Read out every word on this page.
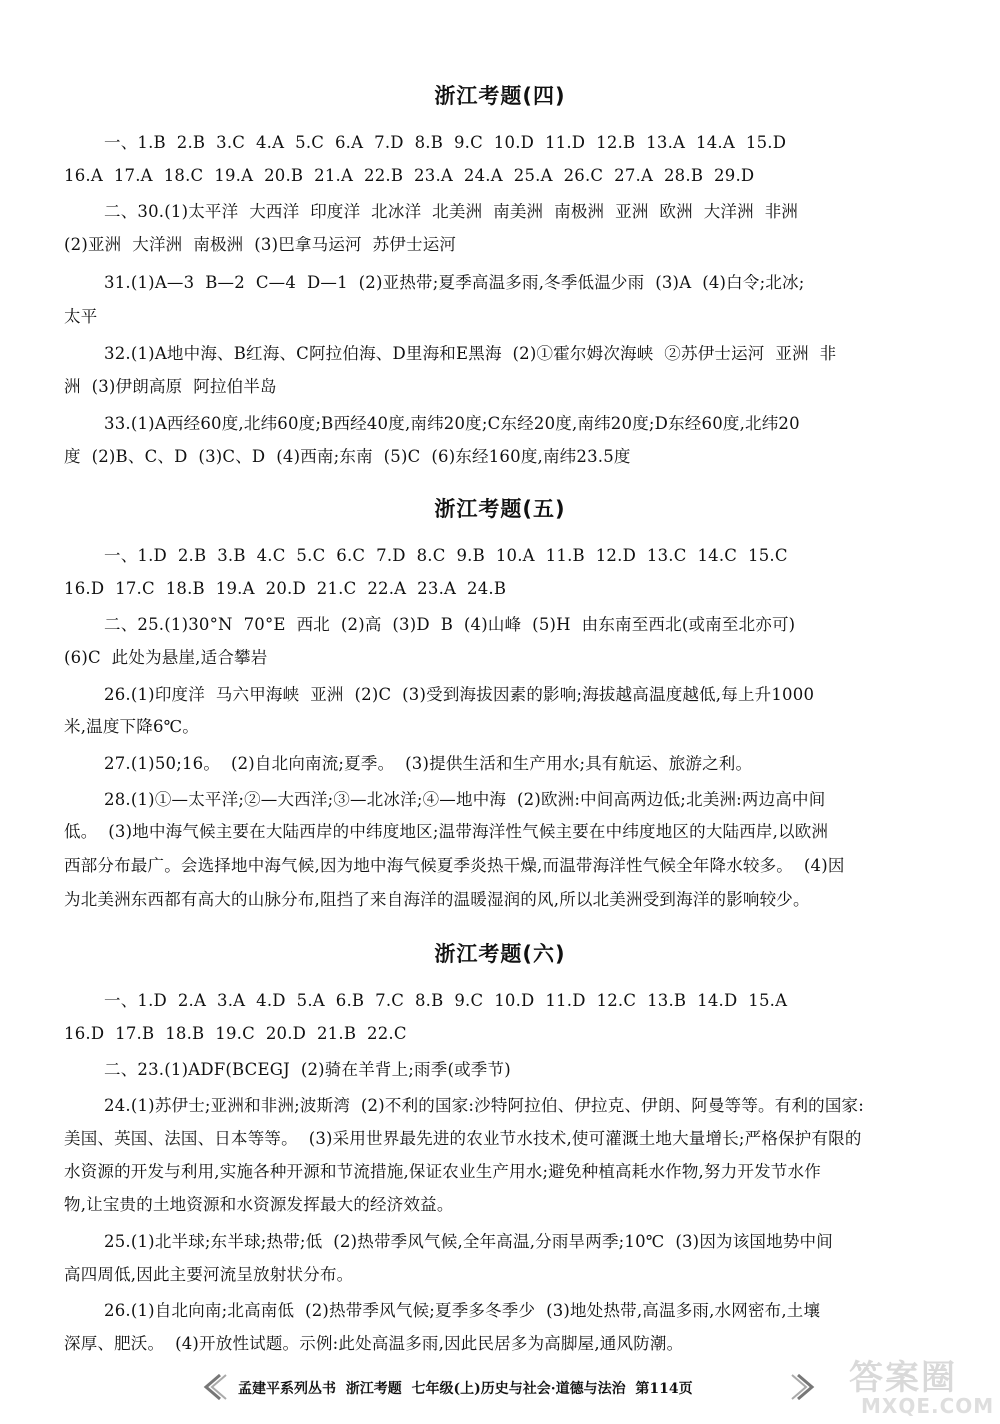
浙江考题(四)
一、1.B  2.B  3.C  4.A  5.C  6.A  7.D  8.B  9.C  10.D  11.D  12.B  13.A  14.A  15.D
16.A  17.A  18.C  19.A  20.B  21.A  22.B  23.A  24.A  25.A  26.C  27.A  28.B  29.D
二、30.(1)太平洋  大西洋  印度洋  北冰洋  北美洲  南美洲  南极洲  亚洲  欧洲  大洋洲  非洲
(2)亚洲  大洋洲  南极洲  (3)巴拿马运河  苏伊士运河
31.(1)A—3  B—2  C—4  D—1  (2)亚热带;夏季高温多雨,冬季低温少雨  (3)A  (4)白令;北冰;
太平
32.(1)A地中海、B红海、C阿拉伯海、D里海和E黑海  (2)①霍尔姆次海峡  ②苏伊士运河  亚洲  非
洲  (3)伊朗高原  阿拉伯半岛
33.(1)A西经60度,北纬60度;B西经40度,南纬20度;C东经20度,南纬20度;D东经60度,北纬20
度  (2)B、C、D  (3)C、D  (4)西南;东南  (5)C  (6)东经160度,南纬23.5度
浙江考题(五)
一、1.D  2.B  3.B  4.C  5.C  6.C  7.D  8.C  9.B  10.A  11.B  12.D  13.C  14.C  15.C
16.D  17.C  18.B  19.A  20.D  21.C  22.A  23.A  24.B
二、25.(1)30°N  70°E  西北  (2)高  (3)D  B  (4)山峰  (5)H  由东南至西北(或南至北亦可)
(6)C  此处为悬崖,适合攀岩
26.(1)印度洋  马六甲海峡  亚洲  (2)C  (3)受到海拔因素的影响;海拔越高温度越低,每上升1000
米,温度下降6℃。
27.(1)50;16。  (2)自北向南流;夏季。  (3)提供生活和生产用水;具有航运、旅游之利。
28.(1)①—太平洋;②—大西洋;③—北冰洋;④—地中海  (2)欧洲:中间高两边低;北美洲:两边高中间
低。  (3)地中海气候主要在大陆西岸的中纬度地区;温带海洋性气候主要在中纬度地区的大陆西岸,以欧洲
西部分布最广。会选择地中海气候,因为地中海气候夏季炎热干燥,而温带海洋性气候全年降水较多。  (4)因
为北美洲东西都有高大的山脉分布,阻挡了来自海洋的温暖湿润的风,所以北美洲受到海洋的影响较少。
浙江考题(六)
一、1.D  2.A  3.A  4.D  5.A  6.B  7.C  8.B  9.C  10.D  11.D  12.C  13.B  14.D  15.A
16.D  17.B  18.B  19.C  20.D  21.B  22.C
二、23.(1)ADF(BCEGJ  (2)骑在羊背上;雨季(或季节)
24.(1)苏伊士;亚洲和非洲;波斯湾  (2)不利的国家:沙特阿拉伯、伊拉克、伊朗、阿曼等等。有利的国家:
美国、英国、法国、日本等等。  (3)采用世界最先进的农业节水技术,使可灌溉土地大量增长;严格保护有限的
水资源的开发与利用,实施各种开源和节流措施,保证农业生产用水;避免种植高耗水作物,努力开发节水作
物,让宝贵的土地资源和水资源发挥最大的经济效益。
25.(1)北半球;东半球;热带;低  (2)热带季风气候,全年高温,分雨旱两季;10℃  (3)因为该国地势中间
高四周低,因此主要河流呈放射状分布。
26.(1)自北向南;北高南低  (2)热带季风气候;夏季多冬季少  (3)地处热带,高温多雨,水网密布,土壤
深厚、肥沃。  (4)开放性试题。示例:此处高温多雨,因此民居多为高脚屋,通风防潮。
孟建平系列丛书  浙江考题  七年级(上)历史与社会·道德与法治  第114页	答案圈
MXQE.COM
